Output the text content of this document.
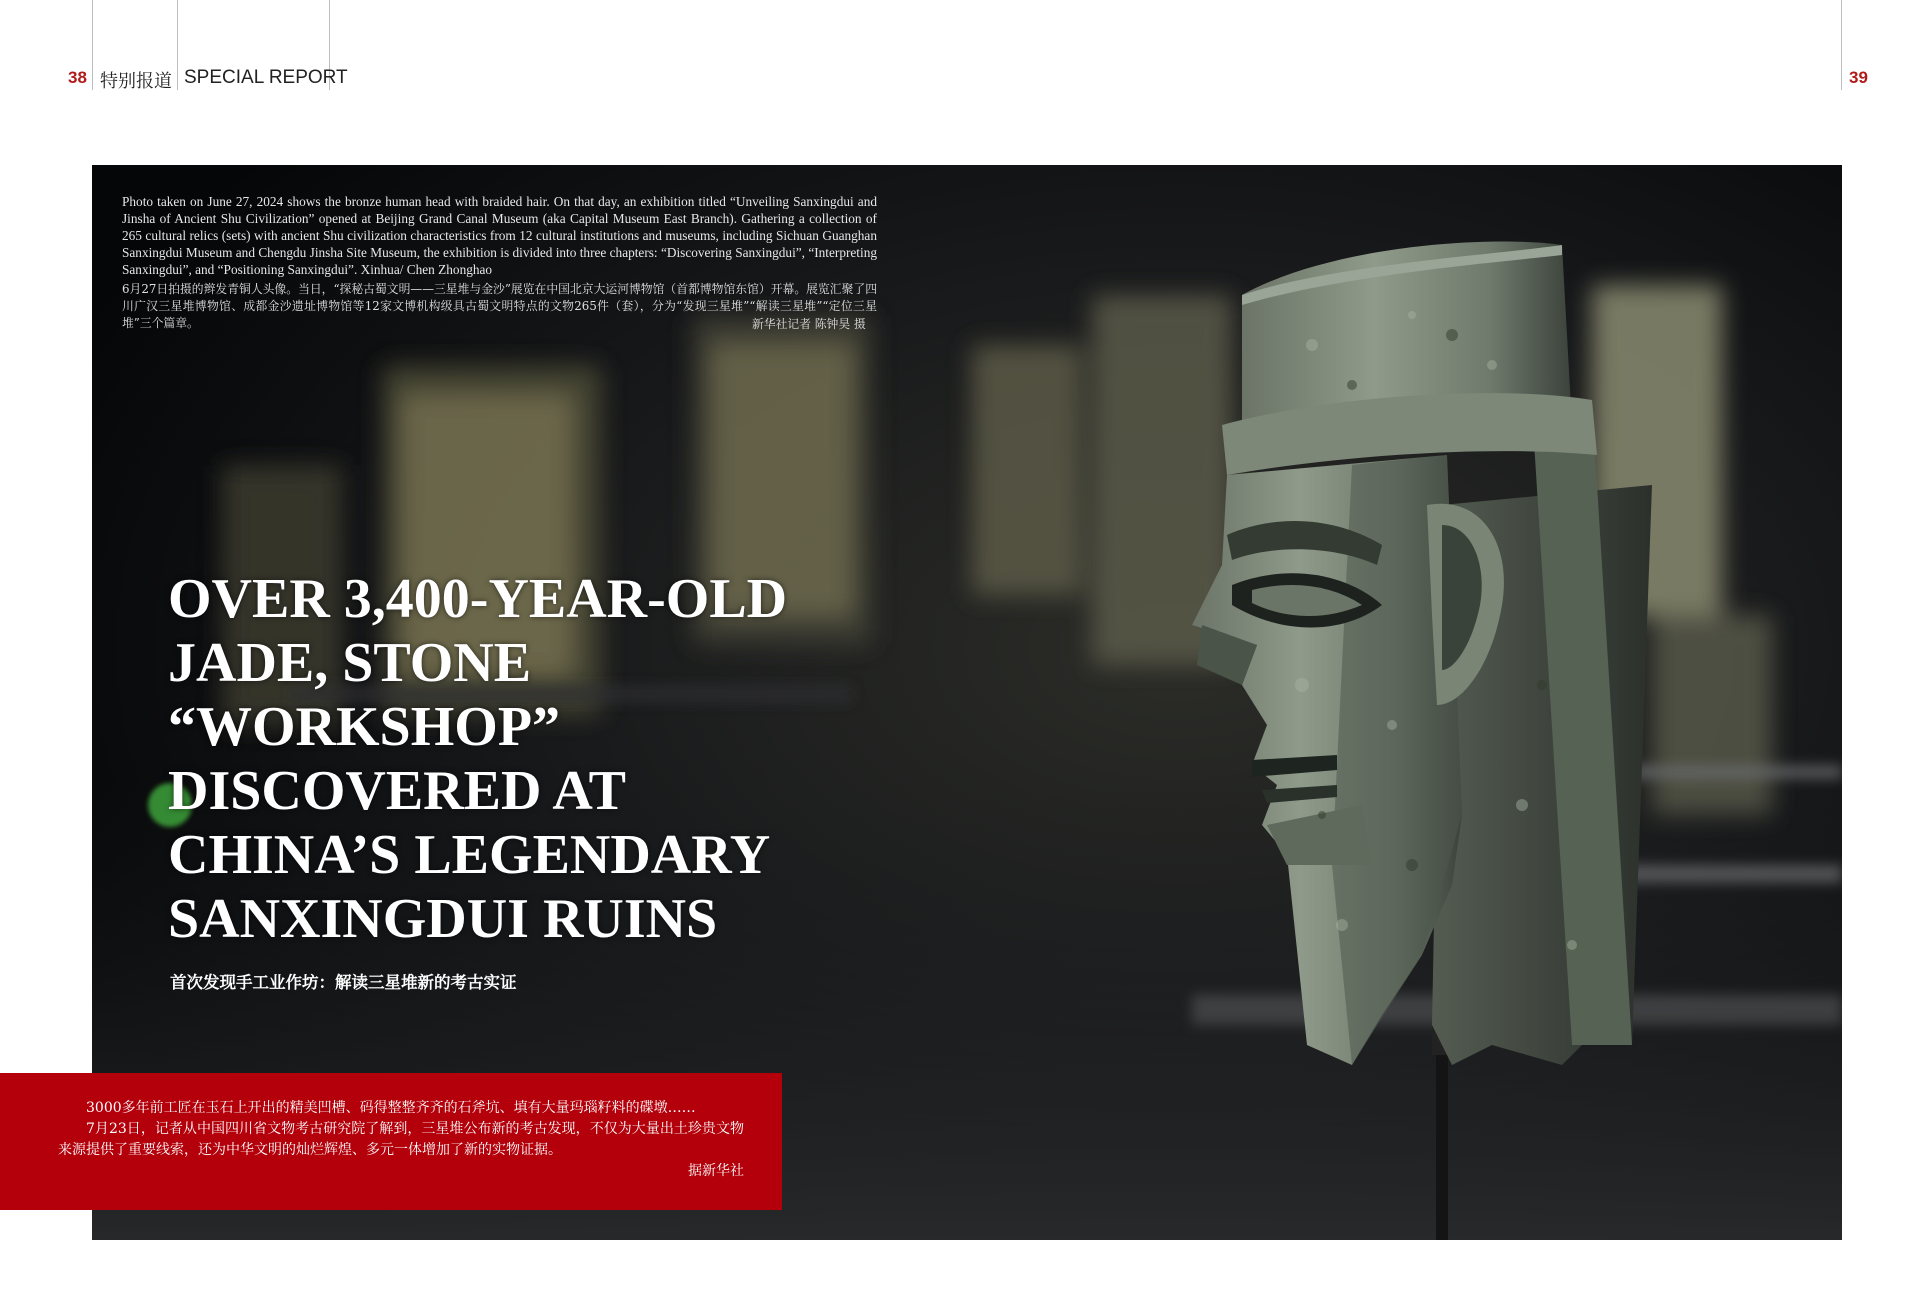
38 特别报道 SPECIAL REPORT	39
Photo taken on June 27, 2024 shows the bronze human head with braided hair. On that day, an exhibition titled “Unveiling Sanxingdui and Jinsha of Ancient Shu Civilization” opened at Beijing Grand Canal Museum (aka Capital Museum East Branch). Gathering a collection of 265 cultural relics (sets) with ancient Shu civilization characteristics from 12 cultural institutions and museums, including Sichuan Guanghan Sanxingdui Museum and Chengdu Jinsha Site Museum, the exhibition is divided into three chapters: “Discovering Sanxingdui”, “Interpreting Sanxingdui”, and “Positioning Sanxingdui”. Xinhua/ Chen Zhonghao
6月27日拍摄的辫发青铜人头像。当日，“探秘古蜀文明——三星堆与金沙”展览在中国北京大运河博物馆（首都博物馆东馆）开幕。展览汇聚了四川广汉三星堆博物馆、成都金沙遗址博物馆等12家文博机构级具古蜀文明特点的文物265件（套），分为“发现三星堆”“解读三星堆”“定位三星堆”三个篇章。	新华社记者 陈钟昊 摄
OVER 3,400-YEAR-OLD
JADE, STONE
“WORKSHOP”
DISCOVERED AT
CHINA’S LEGENDARY
SANXINGDUI RUINS
首次发现手工业作坊：解读三星堆新的考古实证

3000多年前工匠在玉石上开出的精美凹槽、码得整整齐齐的石斧坑、填有大量玛瑙籽料的碟墩……

7月23日，记者从中国四川省文物考古研究院了解到，三星堆公布新的考古发现，不仅为大量出土珍贵文物来源提供了重要线索，还为中华文明的灿烂辉煌、多元一体增加了新的实物证据。

据新华社
